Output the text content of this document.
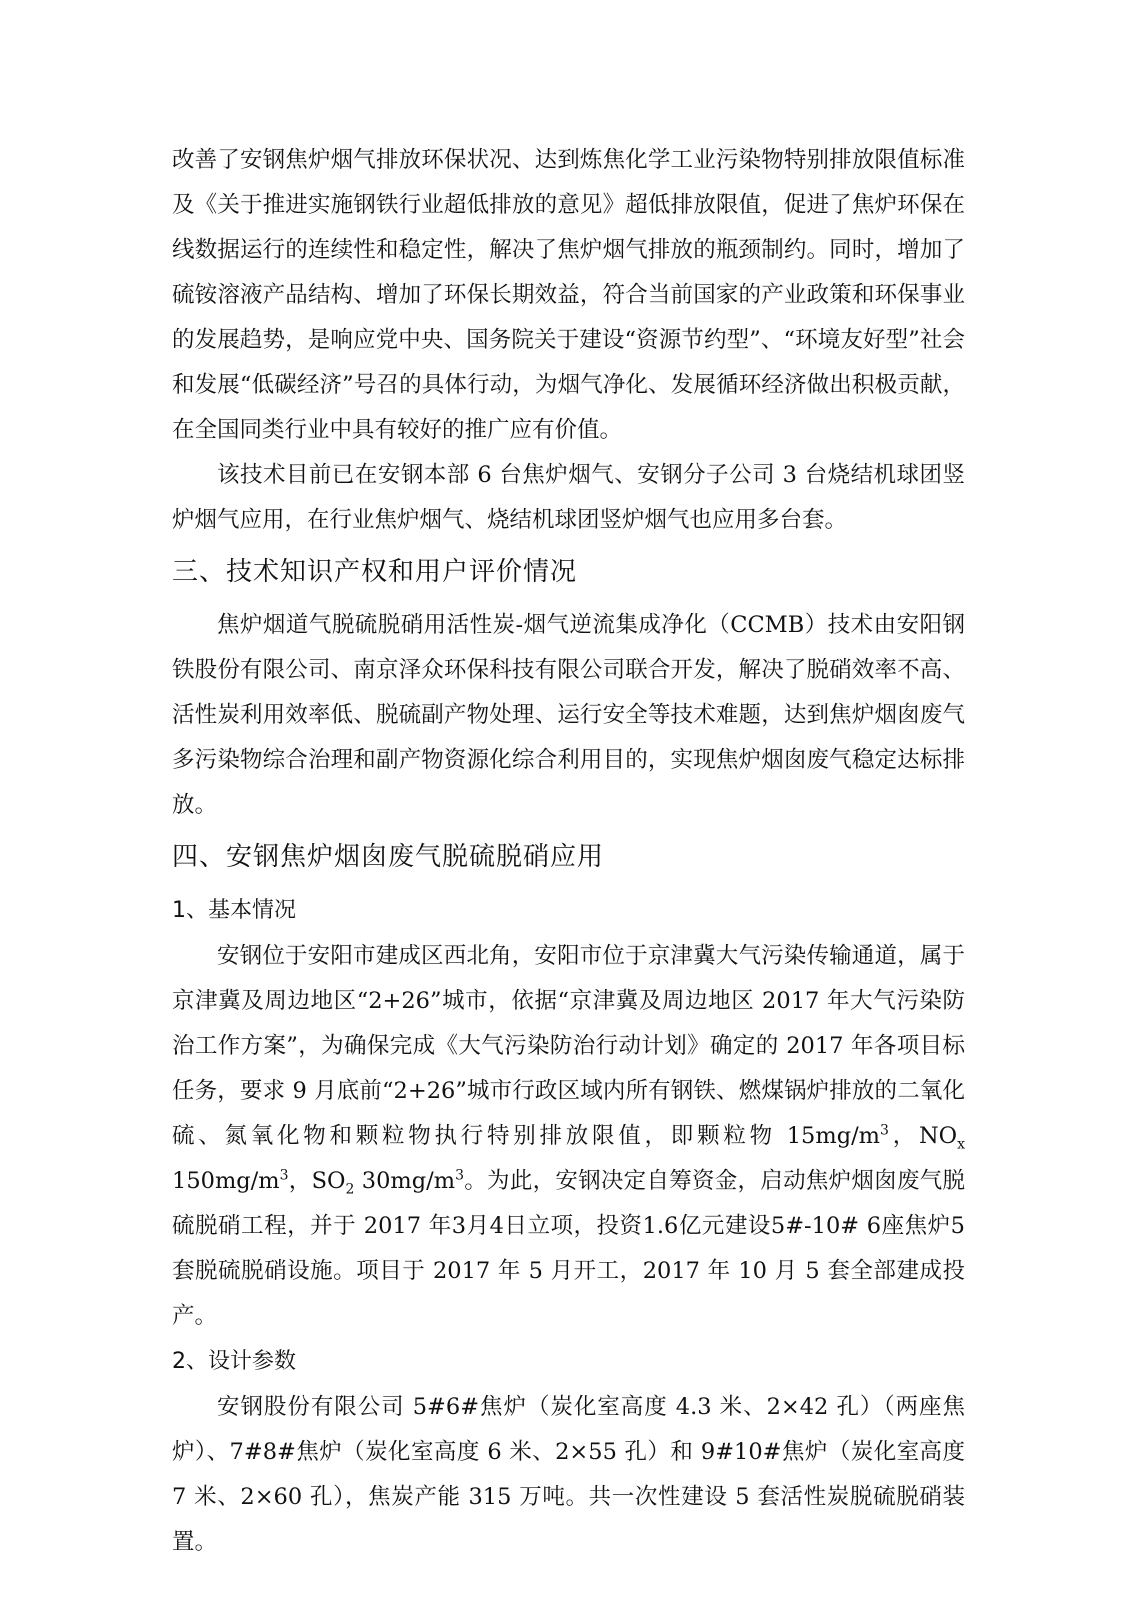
改善了安钢焦炉烟气排放环保状况、达到炼焦化学工业污染物特别排放限值标准及《关于推进实施钢铁行业超低排放的意见》超低排放限值，促进了焦炉环保在线数据运行的连续性和稳定性，解决了焦炉烟气排放的瓶颈制约。同时，增加了硫铵溶液产品结构、增加了环保长期效益，符合当前国家的产业政策和环保事业的发展趋势，是响应党中央、国务院关于建设“资源节约型”、“环境友好型”社会和发展“低碳经济”号召的具体行动，为烟气净化、发展循环经济做出积极贡献，在全国同类行业中具有较好的推广应有价值。

该技术目前已在安钢本部 6 台焦炉烟气、安钢分子公司 3 台烧结机球团竖炉烟气应用，在行业焦炉烟气、烧结机球团竖炉烟气也应用多台套。

三、技术知识产权和用户评价情况

焦炉烟道气脱硫脱硝用活性炭-烟气逆流集成净化（CCMB）技术由安阳钢铁股份有限公司、南京泽众环保科技有限公司联合开发，解决了脱硝效率不高、活性炭利用效率低、脱硫副产物处理、运行安全等技术难题，达到焦炉烟囱废气多污染物综合治理和副产物资源化综合利用目的，实现焦炉烟囱废气稳定达标排放。

四、安钢焦炉烟囱废气脱硫脱硝应用
1、基本情况

安钢位于安阳市建成区西北角，安阳市位于京津冀大气污染传输通道，属于京津冀及周边地区“2+26”城市，依据“京津冀及周边地区 2017 年大气污染防治工作方案”，为确保完成《大气污染防治行动计划》确定的 2017 年各项目标任务，要求 9 月底前“2+26”城市行政区域内所有钢铁、燃煤锅炉排放的二氧化硫、氮氧化物和颗粒物执行特别排放限值，即颗粒物 $15mg/m^3$，$NO_x$ $150mg/m^3$，$SO_2$ $30mg/m^3$。为此，安钢决定自筹资金，启动焦炉烟囱废气脱硫脱硝工程，并于 2017 年3月4日立项，投资1.6亿元建设5#-10# 6座焦炉5套脱硫脱硝设施。项目于 2017 年 5 月开工，2017 年 10 月 5 套全部建成投产。

2、设计参数

安钢股份有限公司 5#6#焦炉（炭化室高度 4.3 米、2×42 孔）（两座焦炉）、7#8#焦炉（炭化室高度 6 米、2×55 孔）和 9#10#焦炉（炭化室高度 7 米、2×60 孔），焦炭产能 315 万吨。共一次性建设 5 套活性炭脱硫脱硝装置。
